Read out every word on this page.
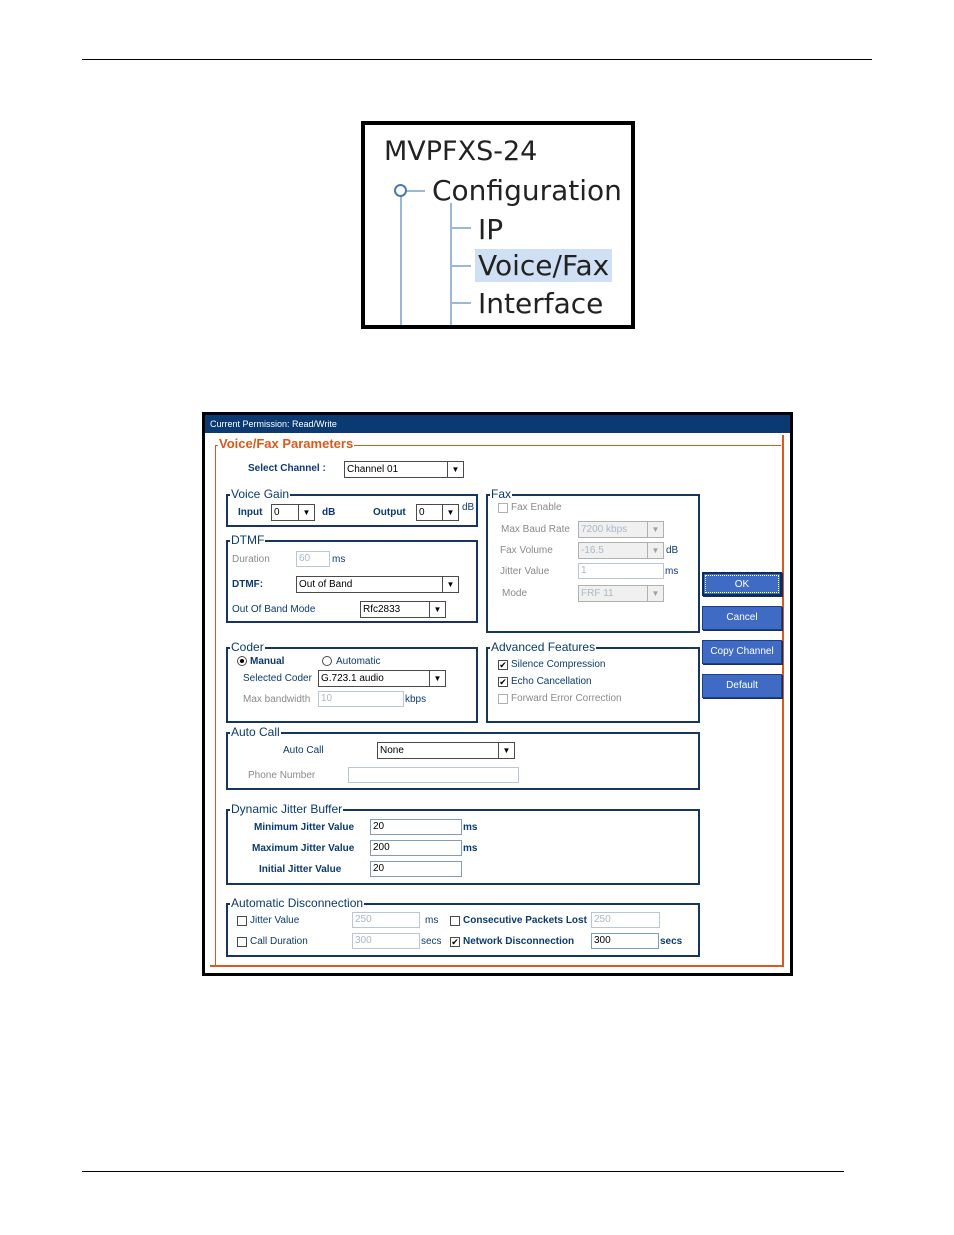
MVPFXS-24
Configuration
IP
Voice/Fax
Interface
Current Permission: Read/Write
Voice/Fax Parameters
Select Channel : Channel 01	▼
Voice Gain
Input 0	▼	dB	Output 0	▼ dB
Fax
Fax Enable
Max Baud Rate 7200 kbps	▼
Fax Volume	-16.5	▼ dB
Jitter Value	1	ms
Mode	FRF 11	▼
DTMF
Duration	60	ms
DTMF:	Out of Band	▼
Out Of Band Mode	Rfc2833	▼
Coder
Manual	Automatic
Selected Coder G.723.1 audio	▼
Max bandwidth	10	kbps
Advanced Features
✔ Silence Compression
✔ Echo Cancellation
Forward Error Correction
Auto Call
Auto Call	None	▼
Phone Number
Dynamic Jitter Buffer
Minimum Jitter Value	20	ms
Maximum Jitter Value	200	ms
Initial Jitter Value	20
Automatic Disconnection
Jitter Value	250	ms Consecutive Packets Lost 250
Call Duration	300	secs ✔ Network Disconnection	300	secs
OK
Cancel
Copy Channel
Default
